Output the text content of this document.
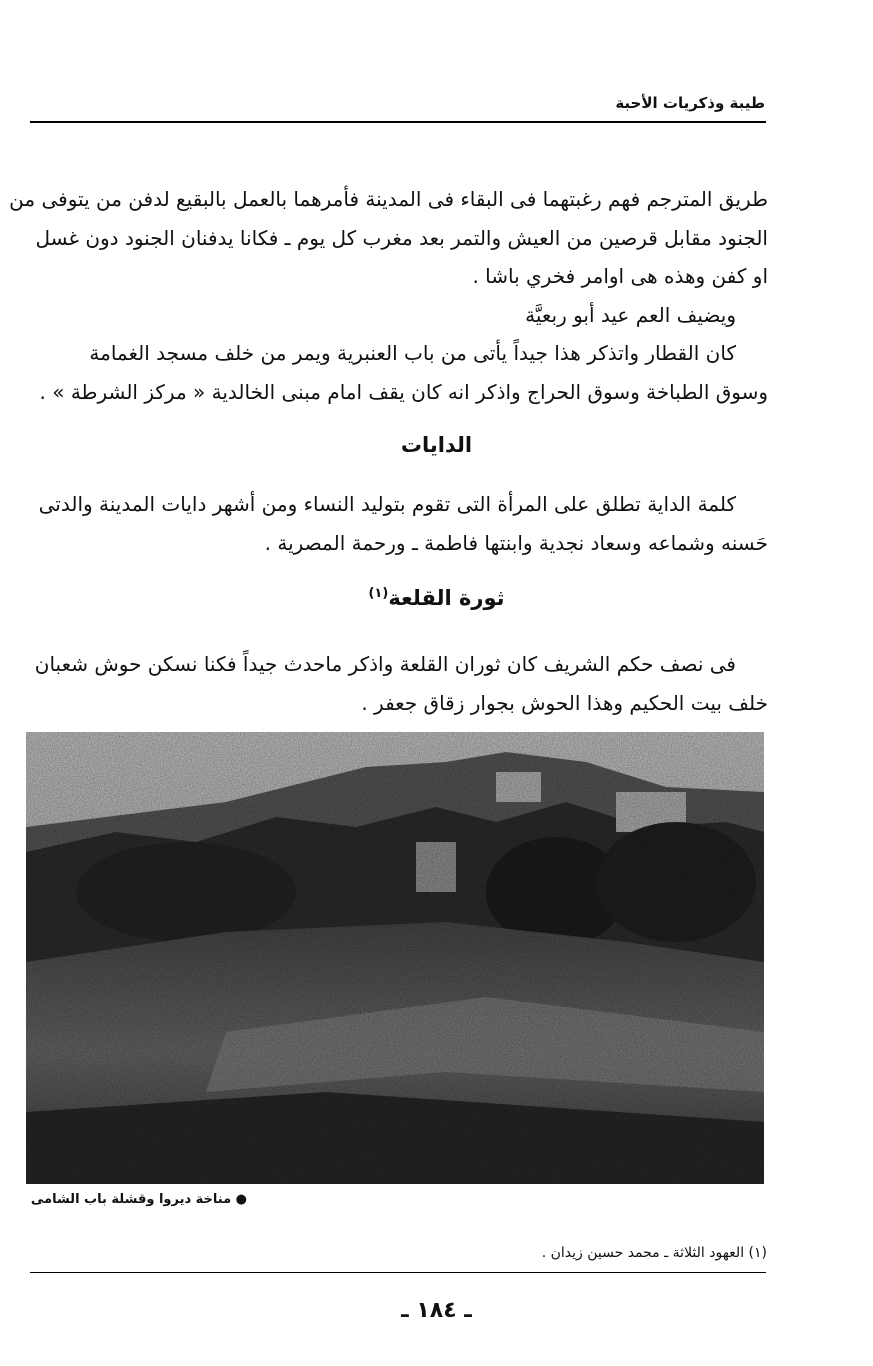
طيبة وذكريات الأحبة
طريق المترجم فهم رغبتهما فى البقاء فى المدينة فأمرهما بالعمل بالبقيع لدفن من يتوفى من
الجنود مقابل قرصين من العيش والتمر بعد مغرب كل يوم ـ فكانا يدفنان الجنود دون غسل
او كفن وهذه هى اوامر فخري باشا .
ويضيف العم عيد أبو ربعيَّة
كان القطار واتذكر هذا جيداً يأتى من باب العنبرية ويمر من خلف مسجد الغمامة
وسوق الطباخة وسوق الحراج واذكر انه كان يقف امام مبنى الخالدية « مركز الشرطة » .
الدايات
كلمة الداية تطلق على المرأة التى تقوم بتوليد النساء ومن أشهر دايات المدينة والدتى
حَسنه وشماعه وسعاد نجدية وابنتها فاطمة ـ ورحمة المصرية .
ثورة القلعة$^{(١)}$
فى نصف حكم الشريف كان ثوران القلعة واذكر ماحدث جيداً فكنا نسكن حوش شعبان
خلف بيت الحكيم وهذا الحوش بجوار زقاق جعفر .
● مناخة ديروا وقشلة باب الشامى
(١) العهود الثلاثة ـ محمد حسين زيدان .
ـ ١٨٤ ـ
